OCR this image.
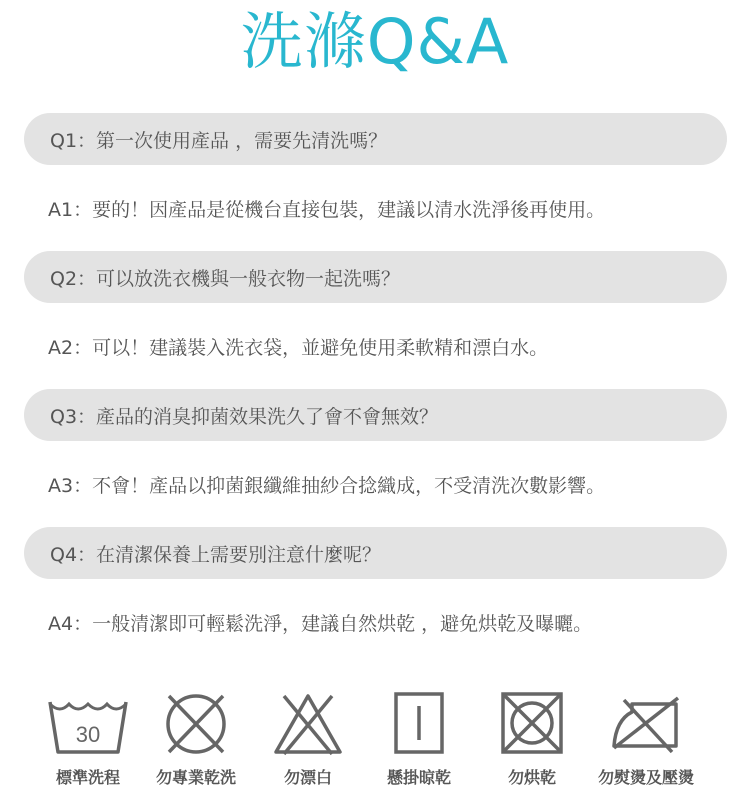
洗滌Q&A
Q1：第一次使用產品 ，需要先清洗嗎？
A1：要的！因產品是從機台直接包裝，建議以清水洗淨後再使用。
Q2：可以放洗衣機與一般衣物一起洗嗎？
A2：可以！建議裝入洗衣袋，並避免使用柔軟精和漂白水。
Q3：產品的消臭抑菌效果洗久了會不會無效？
A3：不會！產品以抑菌銀纖維抽紗合捻織成，不受清洗次數影響。
Q4：在清潔保養上需要別注意什麼呢？
A4：一般清潔即可輕鬆洗淨，建議自然烘乾 ，避免烘乾及曝曬。
30
標準洗程	勿專業乾洗	勿漂白	懸掛晾乾	勿烘乾	勿熨燙及壓燙
